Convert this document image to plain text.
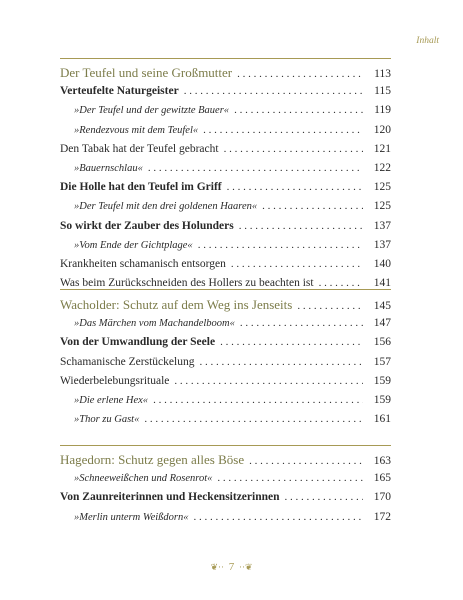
Inhalt
Der Teufel und seine Großmutter . . .	113
Verteufelte Naturgeister . . .	115
»Der Teufel und der gewitzte Bauer« . . .	119
»Rendezvous mit dem Teufel« . . .	120
Den Tabak hat der Teufel gebracht . . .	121
»Bauernschlau« . . .	122
Die Holle hat den Teufel im Griff . . .	125
»Der Teufel mit den drei goldenen Haaren« . . .	125
So wirkt der Zauber des Holunders . . .	137
»Vom Ende der Gichtplage« . . .	137
Krankheiten schamanisch entsorgen . . .	140
Was beim Zurückschneiden des Hollers zu beachten ist . . .	141
Wacholder: Schutz auf dem Weg ins Jenseits . . .	145
»Das Märchen vom Machandelboom« . . .	147
Von der Umwandlung der Seele . . .	156
Schamanische Zerstückelung . . .	157
Wiederbelebungsrituale . . .	159
»Die erlene Hex« . . .	159
»Thor zu Gast« . . .	161
Hagedorn: Schutz gegen alles Böse . . .	163
»Schneeweißchen und Rosenrot« . . .	165
Von Zaunreiterinnen und Heckensitzerinnen . . .	170
»Merlin unterm Weißdorn« . . .	172
❦·· 7 ··❦
